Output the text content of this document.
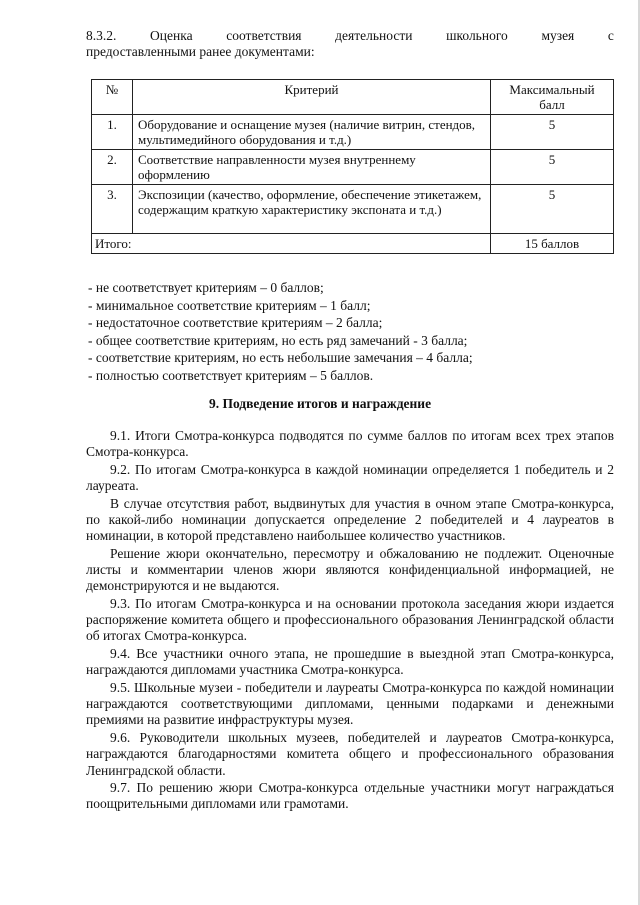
8.3.2. Оценка соответствия деятельности школьного музея с
предоставленными ранее документами:
№	Критерий	Максимальный балл
1.	Оборудование и оснащение музея (наличие витрин, стендов, мультимедийного оборудования и т.д.)	5
2.	Соответствие направленности музея внутреннему оформлению	5
3.	Экспозиции (качество, оформление, обеспечение этикетажем, содержащим краткую характеристику экспоната и т.д.)	5
Итого:		15 баллов
- не соответствует критериям – 0 баллов;
- минимальное соответствие критериям – 1 балл;
- недостаточное соответствие критериям – 2 балла;
- общее соответствие критериям, но есть ряд замечаний - 3 балла;
- соответствие критериям, но есть небольшие замечания – 4 балла;
- полностью соответствует критериям – 5 баллов.
9. Подведение итогов и награждение

9.1. Итоги Смотра-конкурса подводятся по сумме баллов по итогам всех трех этапов Смотра-конкурса.

9.2. По итогам Смотра-конкурса в каждой номинации определяется 1 победитель и 2 лауреата.

В случае отсутствия работ, выдвинутых для участия в очном этапе Смотра-конкурса, по какой-либо номинации допускается определение 2 победителей и 4 лауреатов в номинации, в которой представлено наибольшее количество участников.

Решение жюри окончательно, пересмотру и обжалованию не подлежит. Оценочные листы и комментарии членов жюри являются конфиденциальной информацией, не демонстрируются и не выдаются.

9.3. По итогам Смотра-конкурса и на основании протокола заседания жюри издается распоряжение комитета общего и профессионального образования Ленинградской области об итогах Смотра-конкурса.

9.4. Все участники очного этапа, не прошедшие в выездной этап Смотра-конкурса, награждаются дипломами участника Смотра-конкурса.

9.5. Школьные музеи - победители и лауреаты Смотра-конкурса по каждой номинации награждаются соответствующими дипломами, ценными подарками и денежными премиями на развитие инфраструктуры музея.

9.6. Руководители школьных музеев, победителей и лауреатов Смотра-конкурса, награждаются благодарностями комитета общего и профессионального образования Ленинградской области.

9.7. По решению жюри Смотра-конкурса отдельные участники могут награждаться поощрительными дипломами или грамотами.
